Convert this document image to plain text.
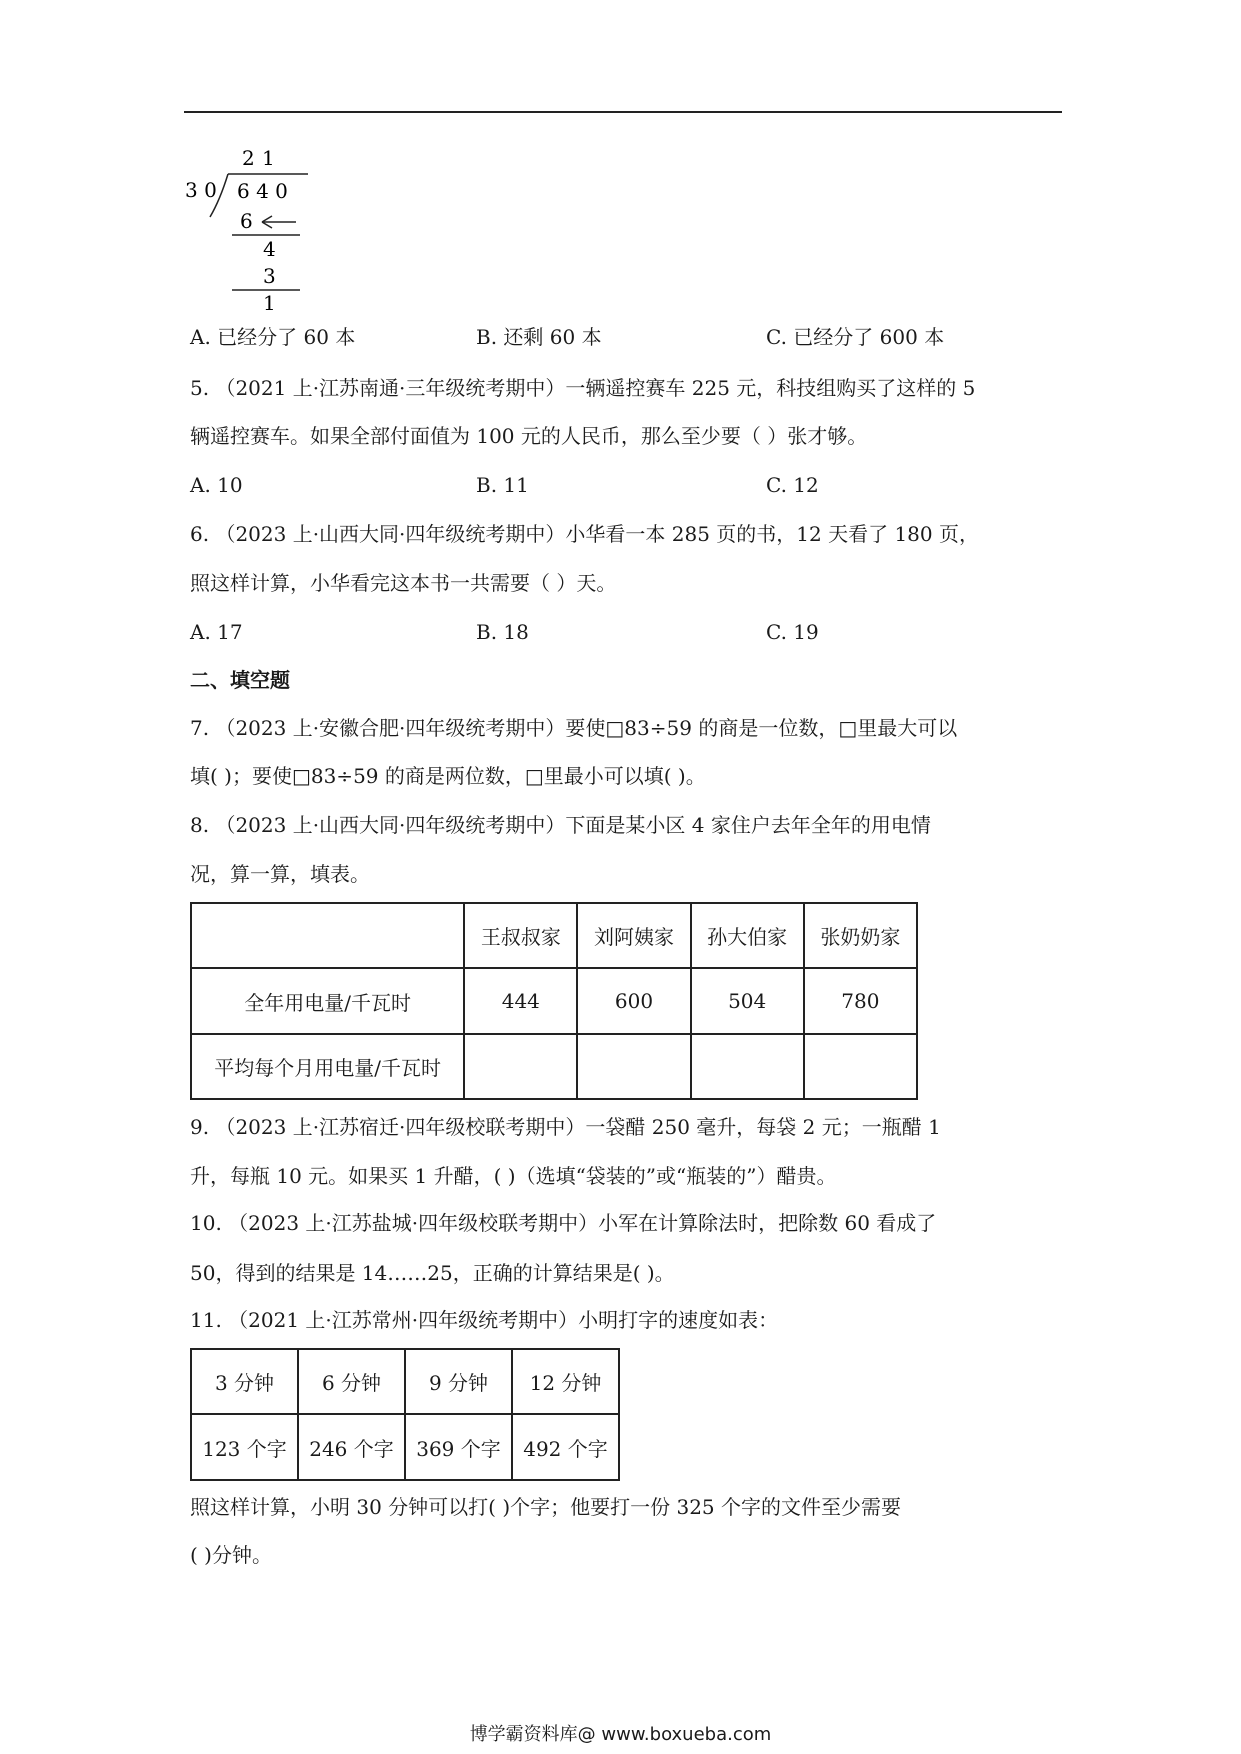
2 1
3 0 6 4 0
6
4
3
1
A. 已经分了 60 本	B. 还剩 60 本	C. 已经分了 600 本
5. （2021 上·江苏南通·三年级统考期中）一辆遥控赛车 225 元，科技组购买了这样的 5
辆遥控赛车。如果全部付面值为 100 元的人民币，那么至少要（ ）张才够。
A. 10	B. 11	C. 12
6. （2023 上·山西大同·四年级统考期中）小华看一本 285 页的书，12 天看了 180 页，
照这样计算，小华看完这本书一共需要（ ）天。
A. 17	B. 18	C. 19
二、填空题
7. （2023 上·安徽合肥·四年级统考期中）要使□83÷59 的商是一位数，□里最大可以
填( )；要使□83÷59 的商是两位数，□里最小可以填( )。
8. （2023 上·山西大同·四年级统考期中）下面是某小区 4 家住户去年全年的用电情
况，算一算，填表。
	王叔叔家	刘阿姨家	孙大伯家	张奶奶家
全年用电量/千瓦时	444	600	504	780
平均每个月用电量/千瓦时				
9. （2023 上·江苏宿迁·四年级校联考期中）一袋醋 250 毫升，每袋 2 元；一瓶醋 1
升，每瓶 10 元。如果买 1 升醋，( )（选填“袋装的”或“瓶装的”）醋贵。
10. （2023 上·江苏盐城·四年级校联考期中）小军在计算除法时，把除数 60 看成了
50，得到的结果是 14……25，正确的计算结果是( )。
11. （2021 上·江苏常州·四年级统考期中）小明打字的速度如表：
3 分钟	6 分钟	9 分钟	12 分钟
123 个字	246 个字	369 个字	492 个字
照这样计算，小明 30 分钟可以打( )个字；他要打一份 325 个字的文件至少需要
( )分钟。
博学霸资料库@ www.boxueba.com
